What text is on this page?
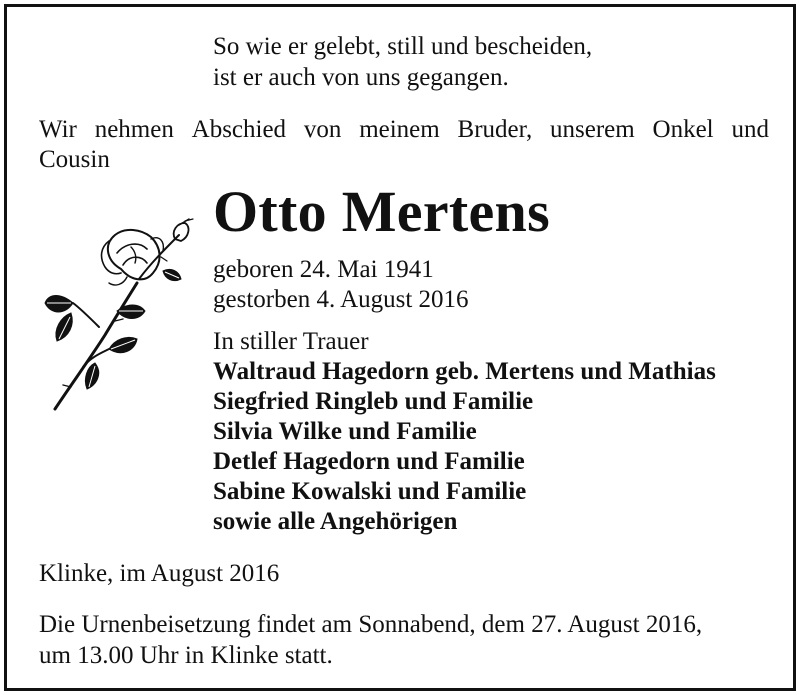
So wie er gelebt, still und bescheiden,
ist er auch von uns gegangen.
Wir nehmen Abschied von meinem Bruder, unserem Onkel und
Cousin
Otto Mertens
geboren 24. Mai 1941
gestorben 4. August 2016
In stiller Trauer
Waltraud Hagedorn geb. Mertens und Mathias
Siegfried Ringleb und Familie
Silvia Wilke und Familie
Detlef Hagedorn und Familie
Sabine Kowalski und Familie
sowie alle Angehörigen
Klinke, im August 2016
Die Urnenbeisetzung findet am Sonnabend, dem 27. August 2016,
um 13.00 Uhr in Klinke statt.
